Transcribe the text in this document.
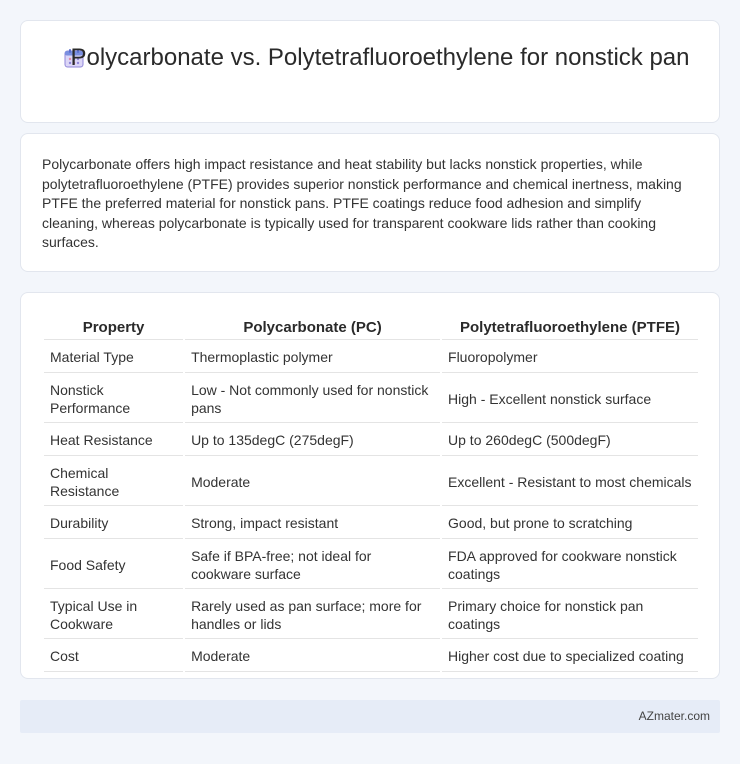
Polycarbonate vs. Polytetrafluoroethylene for nonstick pan

Polycarbonate offers high impact resistance and heat stability but lacks nonstick properties, while polytetrafluoroethylene (PTFE) provides superior nonstick performance and chemical inertness, making PTFE the preferred material for nonstick pans. PTFE coatings reduce food adhesion and simplify cleaning, whereas polycarbonate is typically used for transparent cookware lids rather than cooking surfaces.

Property	Polycarbonate (PC)	Polytetrafluoroethylene (PTFE)
Material Type	Thermoplastic polymer	Fluoropolymer
Nonstick Performance	Low - Not commonly used for nonstick pans	High - Excellent nonstick surface
Heat Resistance	Up to 135degC (275degF)	Up to 260degC (500degF)
Chemical Resistance	Moderate	Excellent - Resistant to most chemicals
Durability	Strong, impact resistant	Good, but prone to scratching
Food Safety	Safe if BPA-free; not ideal for cookware surface	FDA approved for cookware nonstick coatings
Typical Use in Cookware	Rarely used as pan surface; more for handles or lids	Primary choice for nonstick pan coatings
Cost	Moderate	Higher cost due to specialized coating
AZmater.com
